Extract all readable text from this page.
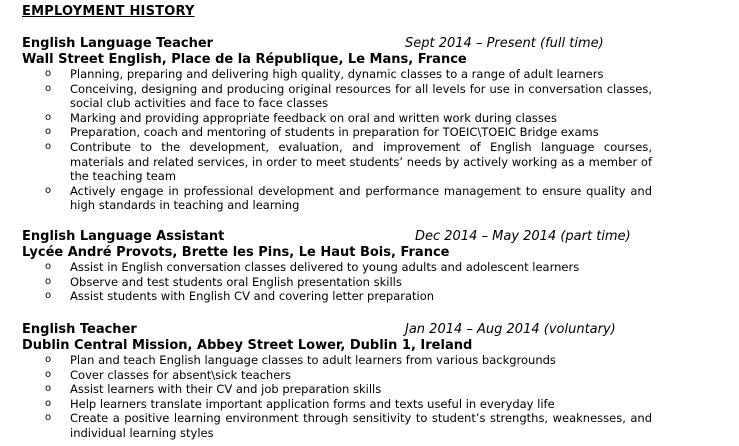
EMPLOYMENT HISTORY
English Language Teacher	Sept 2014 – Present (full time)
Wall Street English, Place de la République, Le Mans, France
o Planning, preparing and delivering high quality, dynamic classes to a range of adult learners
o Conceiving, designing and producing original resources for all levels for use in conversation classes, social club activities and face to face classes
o Marking and providing appropriate feedback on oral and written work during classes
o Preparation, coach and mentoring of students in preparation for TOEIC\TOEIC Bridge exams
o Contribute to the development, evaluation, and improvement of English language courses, materials and related services, in order to meet students’ needs by actively working as a member of the teaching team
o Actively engage in professional development and performance management to ensure quality and high standards in teaching and learning
English Language Assistant	Dec 2014 – May 2014 (part time)
Lycée André Provots, Brette les Pins, Le Haut Bois, France
o Assist in English conversation classes delivered to young adults and adolescent learners
o Observe and test students oral English presentation skills
o Assist students with English CV and covering letter preparation
English Teacher	Jan 2014 – Aug 2014 (voluntary)
Dublin Central Mission, Abbey Street Lower, Dublin 1, Ireland
o Plan and teach English language classes to adult learners from various backgrounds
o Cover classes for absent\sick teachers
o Assist learners with their CV and job preparation skills
o Help learners translate important application forms and texts useful in everyday life
o Create a positive learning environment through sensitivity to student’s strengths, weaknesses, and individual learning styles
